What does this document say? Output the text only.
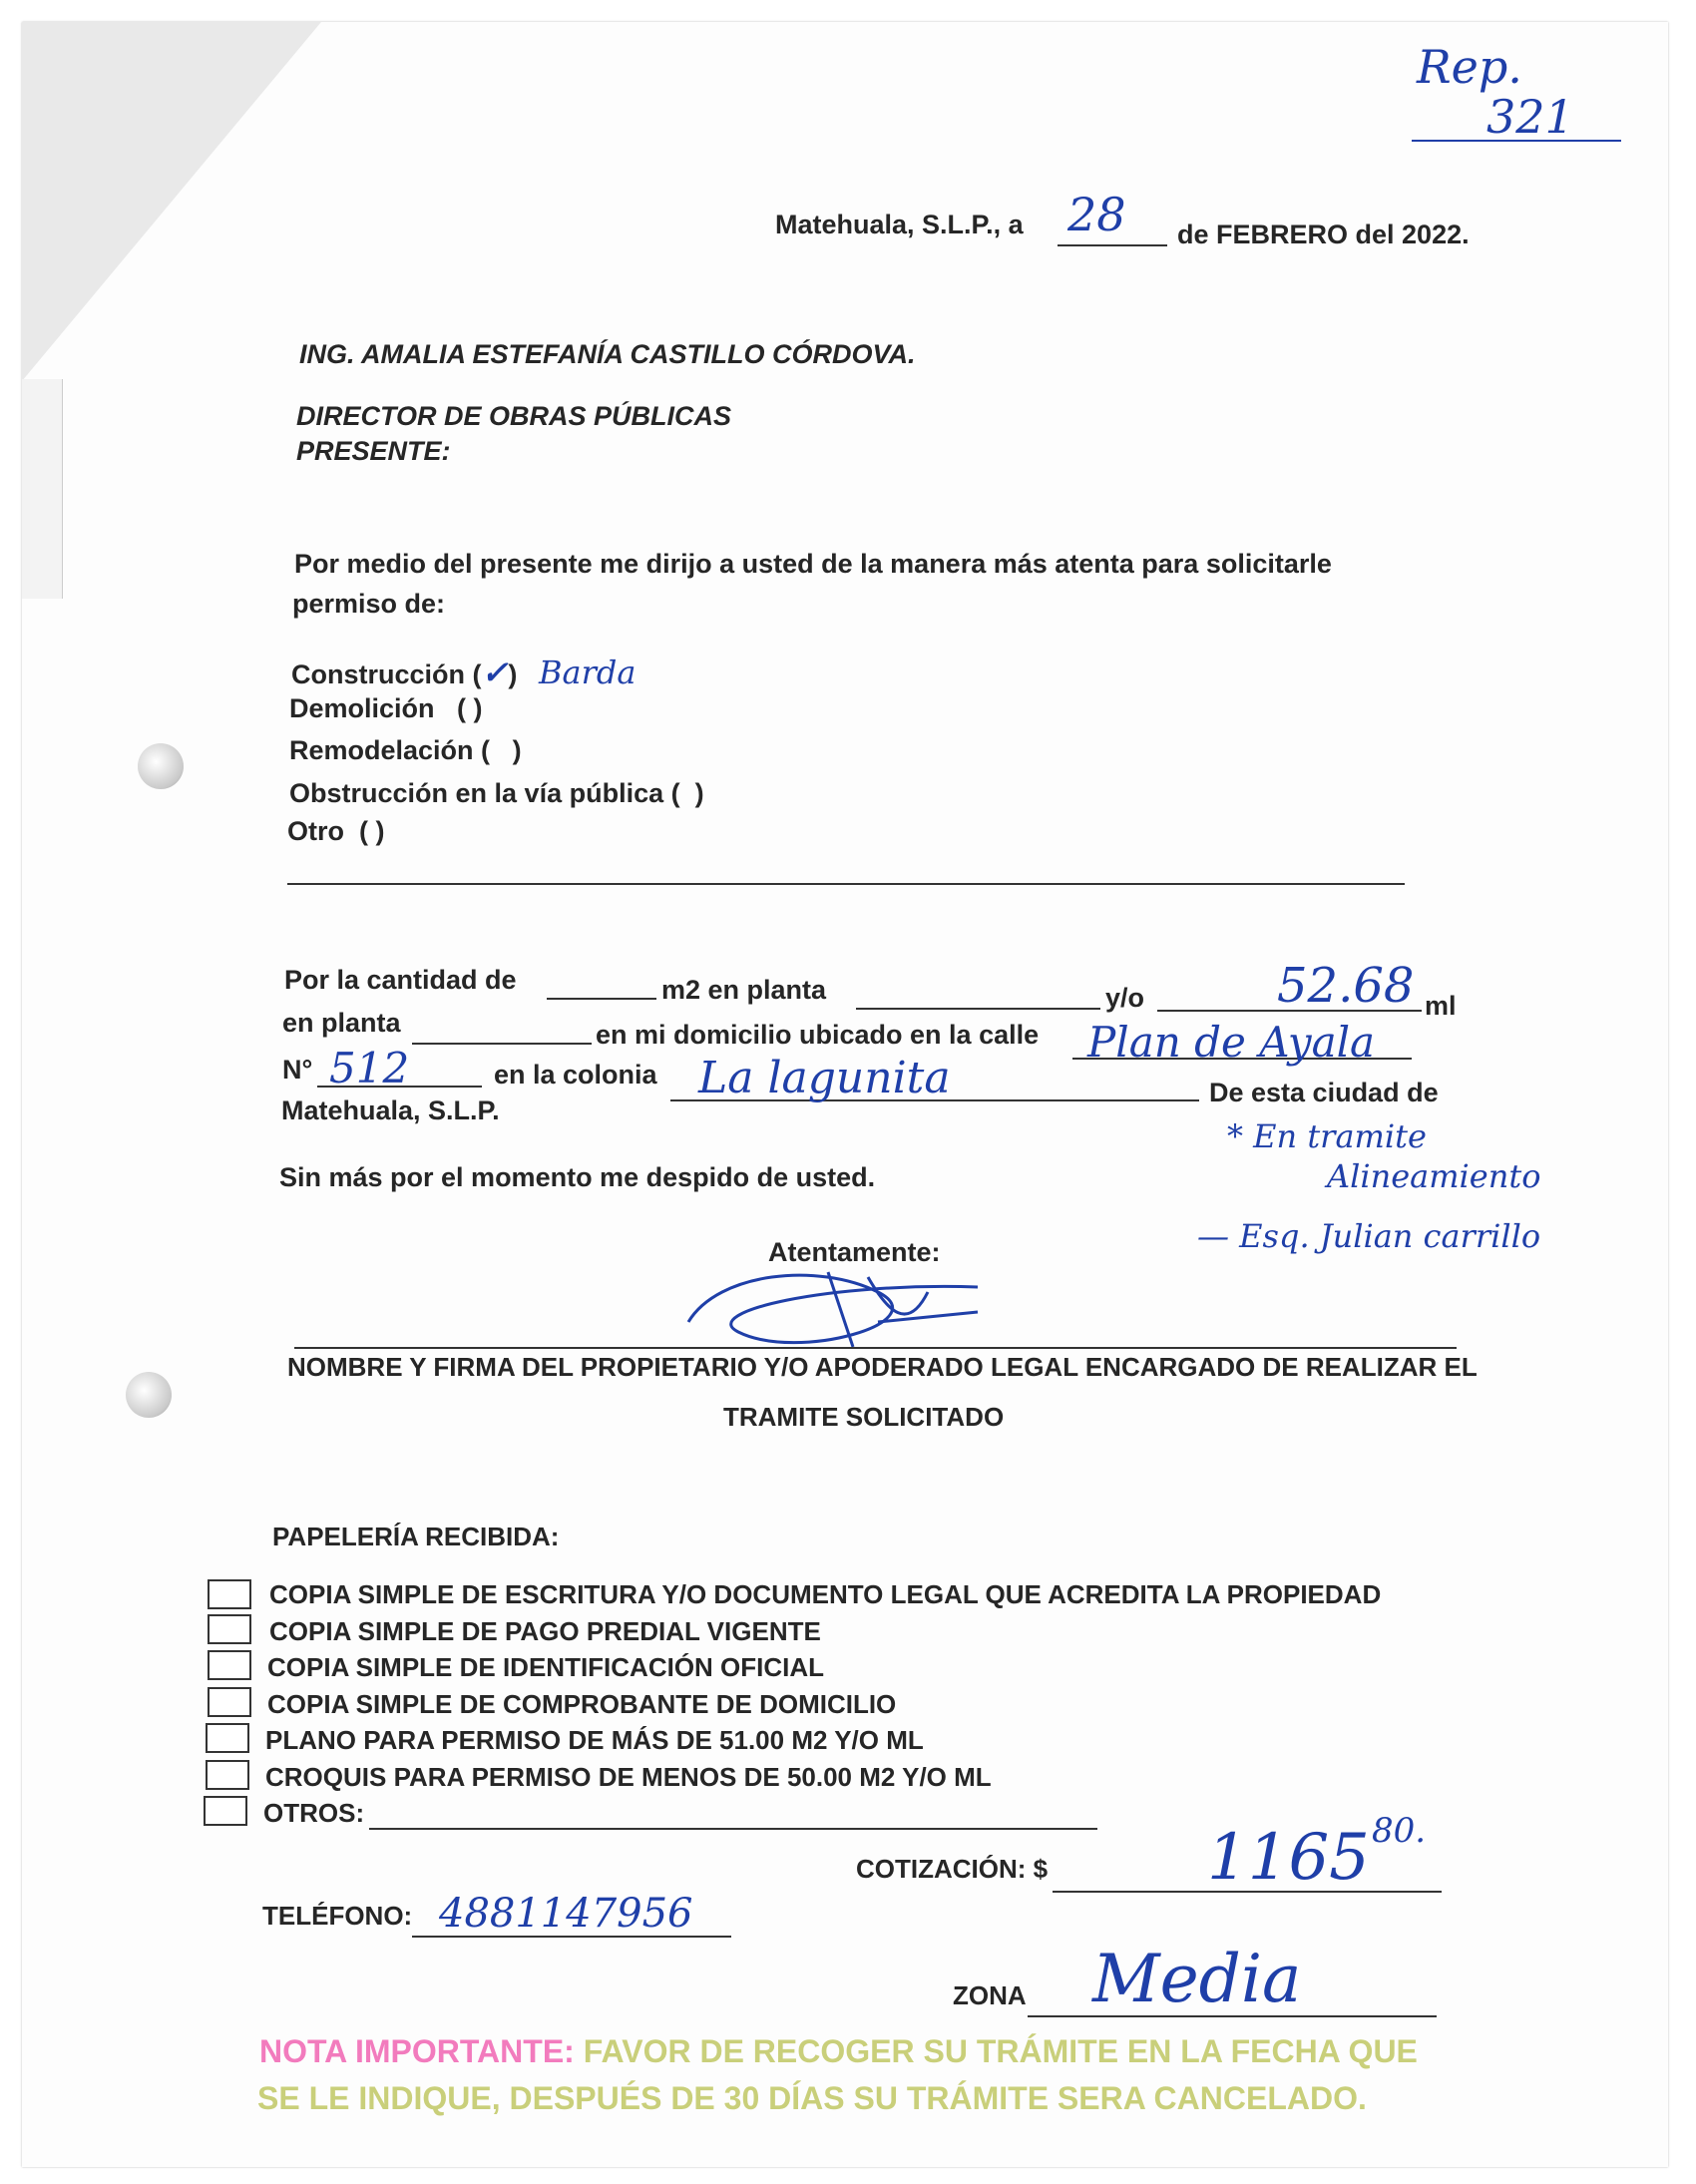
Rep.
321
Matehuala, S.L.P., a 28 de FEBRERO del 2022.
ING. AMALIA ESTEFANÍA CASTILLO CÓRDOVA.
DIRECTOR DE OBRAS PÚBLICAS
PRESENTE:
Por medio del presente me dirijo a usted de la manera más atenta para solicitarle
permiso de:
Construcción (✓) Barda
Demolición ( )
Remodelación ( )
Obstrucción en la vía pública ( )
Otro ( )
Por la cantidad de	m2 en planta	y/o	52.68 ml
en planta	en mi domicilio ubicado en la calle Plan de Ayala
N° 512	en la colonia La lagunita	De esta ciudad de
Matehuala, S.L.P.
* En tramite
Alineamiento
— Esq. Julian carrillo
Sin más por el momento me despido de usted.
Atentamente:
NOMBRE Y FIRMA DEL PROPIETARIO Y/O APODERADO LEGAL ENCARGADO DE REALIZAR EL
TRAMITE SOLICITADO
PAPELERÍA RECIBIDA:
COPIA SIMPLE DE ESCRITURA Y/O DOCUMENTO LEGAL QUE ACREDITA LA PROPIEDAD
COPIA SIMPLE DE PAGO PREDIAL VIGENTE
COPIA SIMPLE DE IDENTIFICACIÓN OFICIAL
COPIA SIMPLE DE COMPROBANTE DE DOMICILIO
PLANO PARA PERMISO DE MÁS DE 51.00 M2 Y/O ML
CROQUIS PARA PERMISO DE MENOS DE 50.00 M2 Y/O ML
OTROS:
COTIZACIÓN: $ 1165 80.
TELÉFONO: 4881147956
ZONA Media
NOTA IMPORTANTE: FAVOR DE RECOGER SU TRÁMITE EN LA FECHA QUE
SE LE INDIQUE, DESPUÉS DE 30 DÍAS SU TRÁMITE SERA CANCELADO.
